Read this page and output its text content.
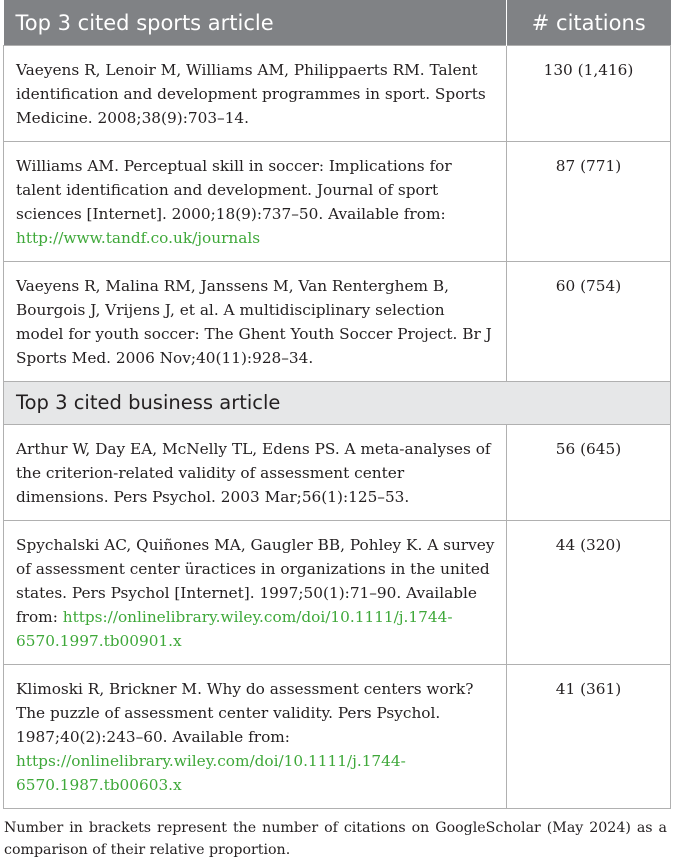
Top 3 cited sports article	# citations
Vaeyens R, Lenoir M, Williams AM, Philippaerts RM. Talent identification and development programmes in sport. Sports Medicine. 2008;38(9):703–14.	130 (1,416)
Williams AM. Perceptual skill in soccer: Implications for talent identification and development. Journal of sport sciences [Internet]. 2000;18(9):737–50. Available from: http://www.tandf.co.uk/journals	87 (771)
Vaeyens R, Malina RM, Janssens M, Van Renterghem B, Bourgois J, Vrijens J, et al. A multidisciplinary selection model for youth soccer: The Ghent Youth Soccer Project. Br J Sports Med. 2006 Nov;40(11):928–34.	60 (754)
Top 3 cited business article	
Arthur W, Day EA, McNelly TL, Edens PS. A meta-analyses of the criterion-related validity of assessment center dimensions. Pers Psychol. 2003 Mar;56(1):125–53.	56 (645)
Spychalski AC, Quiñones MA, Gaugler BB, Pohley K. A survey of assessment center üractices in organizations in the united states. Pers Psychol [Internet]. 1997;50(1):71–90. Available from: https://onlinelibrary.wiley.com/doi/10.1111/j.1744-6570.1997.tb00901.x	44 (320)
Klimoski R, Brickner M. Why do assessment centers work? The puzzle of assessment center validity. Pers Psychol. 1987;40(2):243–60. Available from: https://onlinelibrary.wiley.com/doi/10.1111/j.1744-6570.1987.tb00603.x	41 (361)
Number in brackets represent the number of citations on GoogleScholar (May 2024) as a comparison of their relative proportion.
